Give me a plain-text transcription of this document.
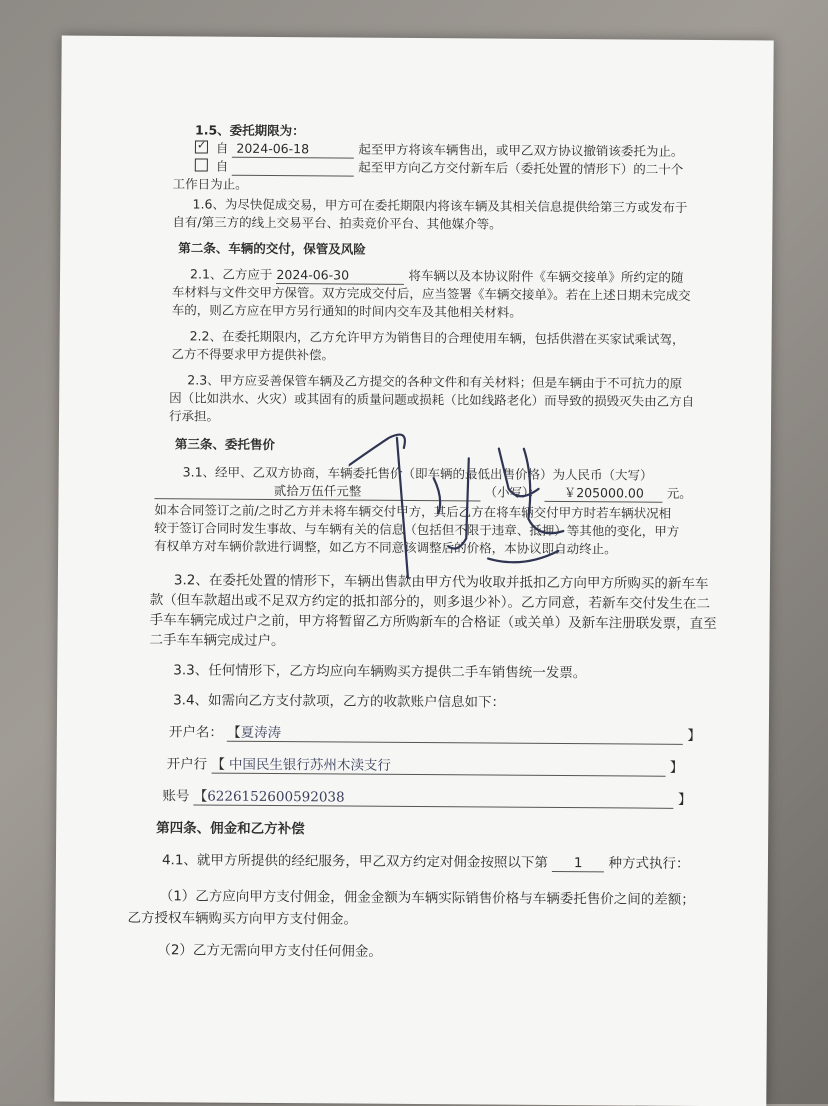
1.5、委托期限为：
✓ 自 2024-06-18	起至甲方将该车辆售出，或甲乙双方协议撤销该委托为止。
自	起至甲方向乙方交付新车后（委托处置的情形下）的二十个
工作日为止。
1.6、为尽快促成交易，甲方可在委托期限内将该车辆及其相关信息提供给第三方或发布于
自有/第三方的线上交易平台、拍卖竞价平台、其他媒介等。
第二条、车辆的交付，保管及风险
2.1、乙方应于 2024-06-30	将车辆以及本协议附件《车辆交接单》所约定的随
车材料与文件交甲方保管。双方完成交付后，应当签署《车辆交接单》。若在上述日期未完成交
车的，则乙方应在甲方另行通知的时间内交车及其他相关材料。
2.2、在委托期限内，乙方允许甲方为销售目的合理使用车辆，包括供潜在买家试乘试驾，
乙方不得要求甲方提供补偿。
2.3、甲方应妥善保管车辆及乙方提交的各种文件和有关材料；但是车辆由于不可抗力的原
因（比如洪水、火灾）或其固有的质量问题或损耗（比如线路老化）而导致的损毁灭失由乙方自
行承担。
第三条、委托售价
3.1、经甲、乙双方协商，车辆委托售价（即车辆的最低出售价格）为人民币（大写）
贰拾万伍仟元整	（小写）： ￥205000.00 元。
如本合同签订之前/之时乙方并未将车辆交付甲方，其后乙方在将车辆交付甲方时若车辆状况相
较于签订合同时发生事故、与车辆有关的信息（包括但不限于违章、抵押）等其他的变化，甲方
有权单方对车辆价款进行调整，如乙方不同意该调整后的价格，本协议即自动终止。
3.2、在委托处置的情形下，车辆出售款由甲方代为收取并抵扣乙方向甲方所购买的新车车
款（但车款超出或不足双方约定的抵扣部分的，则多退少补）。乙方同意，若新车交付发生在二
手车车辆完成过户之前，甲方将暂留乙方所购新车的合格证（或关单）及新车注册联发票，直至
二手车车辆完成过户。
3.3、任何情形下，乙方均应向车辆购买方提供二手车销售统一发票。
3.4、如需向乙方支付款项，乙方的收款账户信息如下：
开户名： 【夏涛涛	】
开户行 【 中国民生银行苏州木渎支行	】
账号 【6226152600592038	】
第四条、佣金和乙方补偿
4.1、就甲方所提供的经纪服务，甲乙双方约定对佣金按照以下第 1 种方式执行：
（1）乙方应向甲方支付佣金，佣金金额为车辆实际销售价格与车辆委托售价之间的差额；
乙方授权车辆购买方向甲方支付佣金。
（2）乙方无需向甲方支付任何佣金。
